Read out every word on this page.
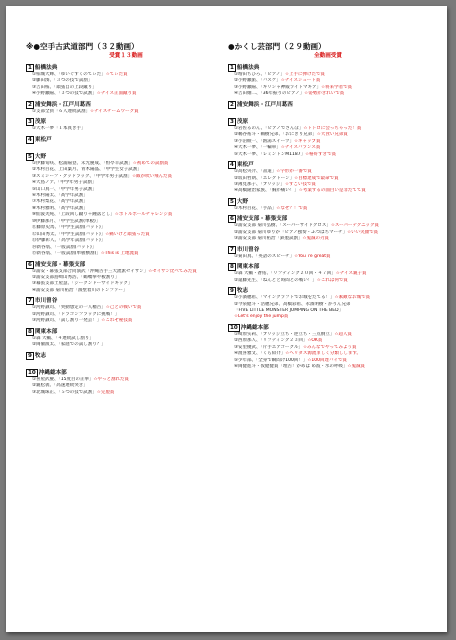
※●空手古武道部門（３２動画）
受賞１３動画
1 船橋法典
①柏城大輝、「ゆいぐすくのてぃだ」☆てぃだ賞
②藤田湊、「３つの技で試割」
③吉田桜、「頑張自の上段蹴り」
④小野瀬陽、「３つの技で試割」☆ナイス正面蹴り賞
2 浦安舞浜・江戸川葛西
①支部全員「６人連続試割」☆ナイスチームワーク賞
3 茂原
①大木一夢「１本貫き手」
4 東松戸
5 大野
①伊藤旬咲、松浦陽登、未光慶成、「恒亭羊試割」☆初めての試割賞
②木村百花、上田葉月、青木陽晶、「中学生女子試割」
③スミシーフ・グッドラック、「中学年男子試割」☆飯が吹い飛んだ賞
④大島ノア、「中学年男子試割」
⑤山口真一、「中学年男子試割」
⑥木村陽太、「高学年試割」
⑦木村梨花、「高学年試割」
⑧木村雅明、「高学年試割」
⑨仙波芙純、「上段回し蹴り＋踵落とし」☆ボトルボールチャレンジ賞
⑩伊藤那月、「中学生試割(単板)」
⑪藤原史馬、「中学生試割(バット)」
⑫山田秀太、「中学生試割(バット)」☆痛いけど頑張った賞
⑬伊藤彰人、「高学年試割(バット)」
⑭新谷翁、「一般試割(バット)」
⑮新谷翁、「一般試割(単板横割)」☆This is 上地流賞
6 浦安支部・幕張支部
①浦安・幕張支部合同演武「沖縄古手三大流派セイサン」☆セイサン比べてみた賞
②浦安支部島崎山秀浩、「鶴嘴拳や板割り」
③幕張支部土屋慧、「ジークンドーサイドキック」
④浦安支部 菊川祐治「演壁着川のトンファー」
7 市川曽谷
①河野誠司、「突動想定の一人稽古」☆己との戦いで賞
②河野誠司、「ドラゴンフラックに挑戦！」
③河野誠司、「試し割り一発芸！」☆これぞ秘技賞
8 関東本部
①森 大輔、「４連続試し割り」
②岡徹演太、「家庭での試し割り？」
9 牧志
10 沖縄総本部
①喜屋武慶、「15度目の正拳」☆やっと割れた賞
②親松義、「高速連続突き」
③北城珠正、「５つの技で試割」☆完製賞
●かくし芸部門（２９動画）
全動画受賞
1 船橋法典
①増田ちひろ、「ピアノ」☆上手に弾けたで賞
②小野瀬旅、「バスケ」☆ナイスシュート賞
③小野瀬陽、「ギリシャ神殿ライトマキア」☆将来学者で賞
④吉田紬二、「36年振りのピアノ」☆姿勢がきれいで賞
2 浦安舞浜・江戸川葛西
3 茂原
①岩佐るのん、「ピアノでさんぽ」☆トトロに会っちゃった！賞
②鵜谷祐斗・鵜樹兄弟、「おにぎり兄弟」☆大食い兄弟賞
③小沼綾一、「熱湯スイーツ」☆ギャップ賞
④大木一夢、「一輪車」☆ナイスバランス賞
⑤大木一夢、「レミントンM1187」☆格好すぎで賞
4 東松戸
①高松央介、「書道」☆字形が一番で賞
②坂田哲朗、「エレクトーン」☆目標達成で最命で賞
③薄見那子、「ブリッジ」☆すごい技で賞
④高橋隆治家族、「胸が痛い！」☆考案するの面白い是非たてて賞
5 大野
①木村百花、「手品」☆なぜ？！で賞
6 浦安支部・幕張支部
①浦安支部 菊川弘樹、「スーパーサイドクロス」☆スーパーテクニック賞
②浦安支部 菊川ゆりか「ピアノ独奏・ふつばちマーチ」☆いい笑顔で賞
③浦安支部 菊川祐治「鉄製試割」☆鬼滅の刃賞
7 市川曽谷
①菊田真、「英語のスピーチ」☆You`re great賞
8 関東本部
①森 大輔・蒼佑、「リフティング２０回・４７回」☆ナイス親子賞
②遠藤先生、「ねんどと時間との戦い！」☆これは何で賞
9 牧志
①小濱穂希、「マインクラフトでお城をたてる！」☆素敵なお城で賞
②今泉健斗・浩穂兄弟、高橋彩希、永濱明樹・かりん兄弟
「FIVE LITTLE MONSTER JUMPING ON THE BED」
☆Let's enjoy the jump賞
10 沖縄総本部
①崎原实莉、「ブリッジ立ち・逆立ち・三点倒立」☆超人賞
②西原那人、「リフティング２３回」☆OK賞
③安里優武、「片手エアゴーグル」☆みんなでやってみよう賞
④渡喜雅文、「くら紹介」☆ヘリダス源流ましく分類しします。
⑤少年部、「全身で瞬間け100回！」☆100回達バイで賞
⑥岡健進斗・仮健健賞「埋古！かめは め波・水の呼吸」☆鬼滅賞
